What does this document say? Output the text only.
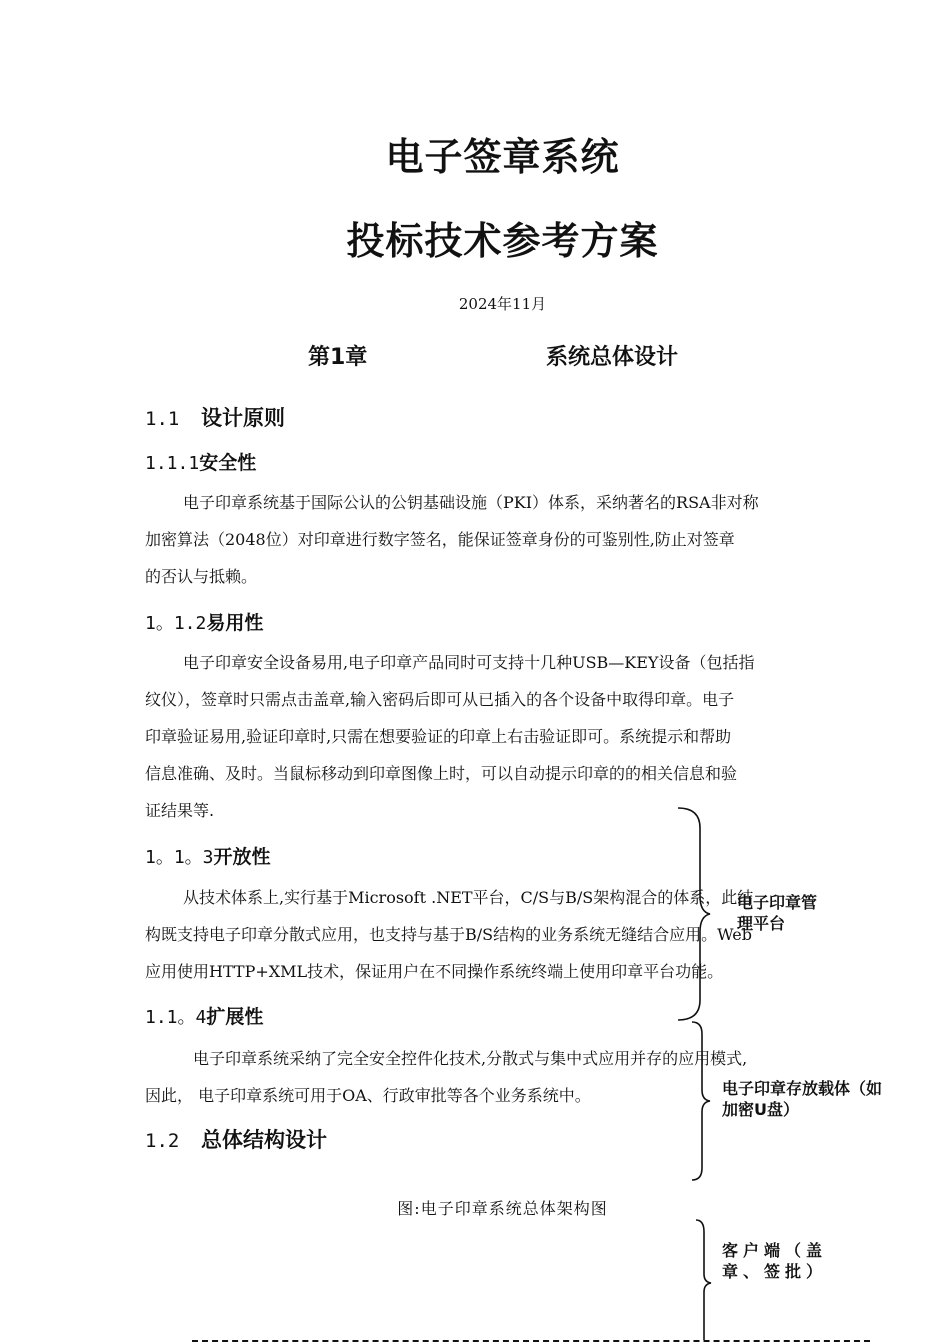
电子签章系统
投标技术参考方案
2024年11月
第1章	系统总体设计
1.1 设计原则
1.1.1安全性
电子印章系统基于国际公认的公钥基础设施（PKI）体系，采纳著名的RSA非对称
加密算法（2048位）对印章进行数字签名，能保证签章身份的可鉴别性,防止对签章
的否认与抵赖。
1。1.2易用性
电子印章安全设备易用,电子印章产品同时可支持十几种USB—KEY设备（包括指
纹仪），签章时只需点击盖章,输入密码后即可从已插入的各个设备中取得印章。电子
印章验证易用,验证印章时,只需在想要验证的印章上右击验证即可。系统提示和帮助
信息准确、及时。当鼠标移动到印章图像上时，可以自动提示印章的的相关信息和验
证结果等.
1。1。3开放性
从技术体系上,实行基于Microsoft .NET平台，C/S与B/S架构混合的体系，此结
构既支持电子印章分散式应用，也支持与基于B/S结构的业务系统无缝结合应用。Web
应用使用HTTP+XML技术，保证用户在不同操作系统终端上使用印章平台功能。
1.1。4扩展性
电子印章系统采纳了完全安全控件化技术,分散式与集中式应用并存的应用模式,
因此， 电子印章系统可用于OA、行政审批等各个业务系统中。
1.2 总体结构设计
图:电子印章系统总体架构图
电子印章管理平台
电子印章存放载体（如加密U盘）
客户端（盖章、签批）
